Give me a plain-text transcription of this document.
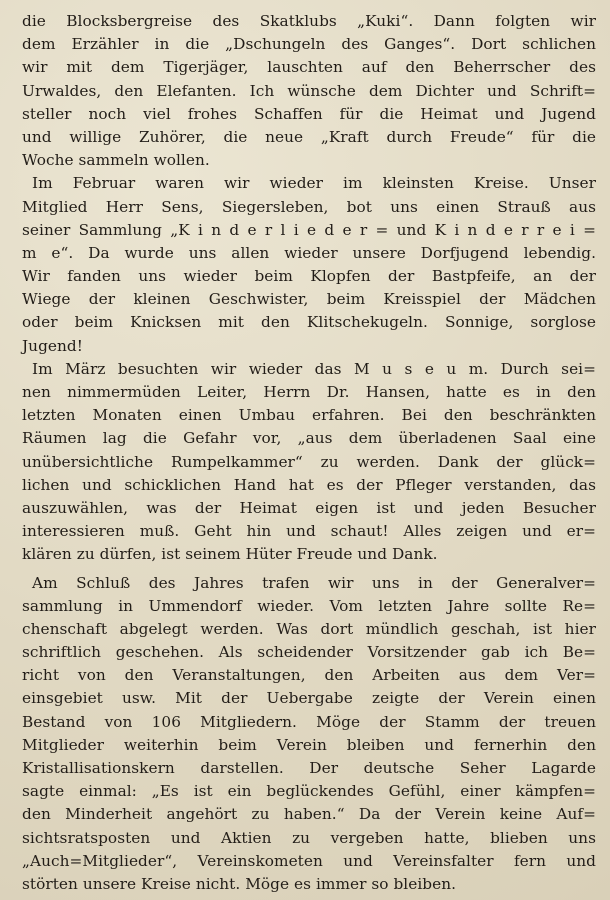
die Blocksbergreise des Skatklubs „Kuki“. Dann folgten wir
dem Erzähler in die „Dschungeln des Ganges“. Dort schlichen
wir mit dem Tigerjäger, lauschten auf den Beherrscher des
Urwaldes, den Elefanten. Ich wünsche dem Dichter und Schrift=
steller noch viel frohes Schaffen für die Heimat und Jugend
und willige Zuhörer, die neue „Kraft durch Freude“ für die
Woche sammeln wollen.
Im Februar waren wir wieder im kleinsten Kreise. Unser
Mitglied Herr Sens, Siegersleben, bot uns einen Strauß aus
seiner Sammlung „K i n d e r l i e d e r = und K i n d e r r e i =
m e“. Da wurde uns allen wieder unsere Dorfjugend lebendig.
Wir fanden uns wieder beim Klopfen der Bastpfeife, an der
Wiege der kleinen Geschwister, beim Kreisspiel der Mädchen
oder beim Knicksen mit den Klitschekugeln. Sonnige, sorglose
Jugend!
Im März besuchten wir wieder das M u s e u m. Durch sei=
nen nimmermüden Leiter, Herrn Dr. Hansen, hatte es in den
letzten Monaten einen Umbau erfahren. Bei den beschränkten
Räumen lag die Gefahr vor, „aus dem überladenen Saal eine
unübersichtliche Rumpelkammer“ zu werden. Dank der glück=
lichen und schicklichen Hand hat es der Pfleger verstanden, das
auszuwählen, was der Heimat eigen ist und jeden Besucher
interessieren muß. Geht hin und schaut! Alles zeigen und er=
klären zu dürfen, ist seinem Hüter Freude und Dank.
Am Schluß des Jahres trafen wir uns in der Generalver=
sammlung in Ummendorf wieder. Vom letzten Jahre sollte Re=
chenschaft abgelegt werden. Was dort mündlich geschah, ist hier
schriftlich geschehen. Als scheidender Vorsitzender gab ich Be=
richt von den Veranstaltungen, den Arbeiten aus dem Ver=
einsgebiet usw. Mit der Uebergabe zeigte der Verein einen
Bestand von 106 Mitgliedern. Möge der Stamm der treuen
Mitglieder weiterhin beim Verein bleiben und fernerhin den
Kristallisationskern darstellen. Der deutsche Seher Lagarde
sagte einmal: „Es ist ein beglückendes Gefühl, einer kämpfen=
den Minderheit angehört zu haben.“ Da der Verein keine Auf=
sichtsratsposten und Aktien zu vergeben hatte, blieben uns
„Auch=Mitglieder“, Vereinskometen und Vereinsfalter fern und
störten unsere Kreise nicht. Möge es immer so bleiben.
